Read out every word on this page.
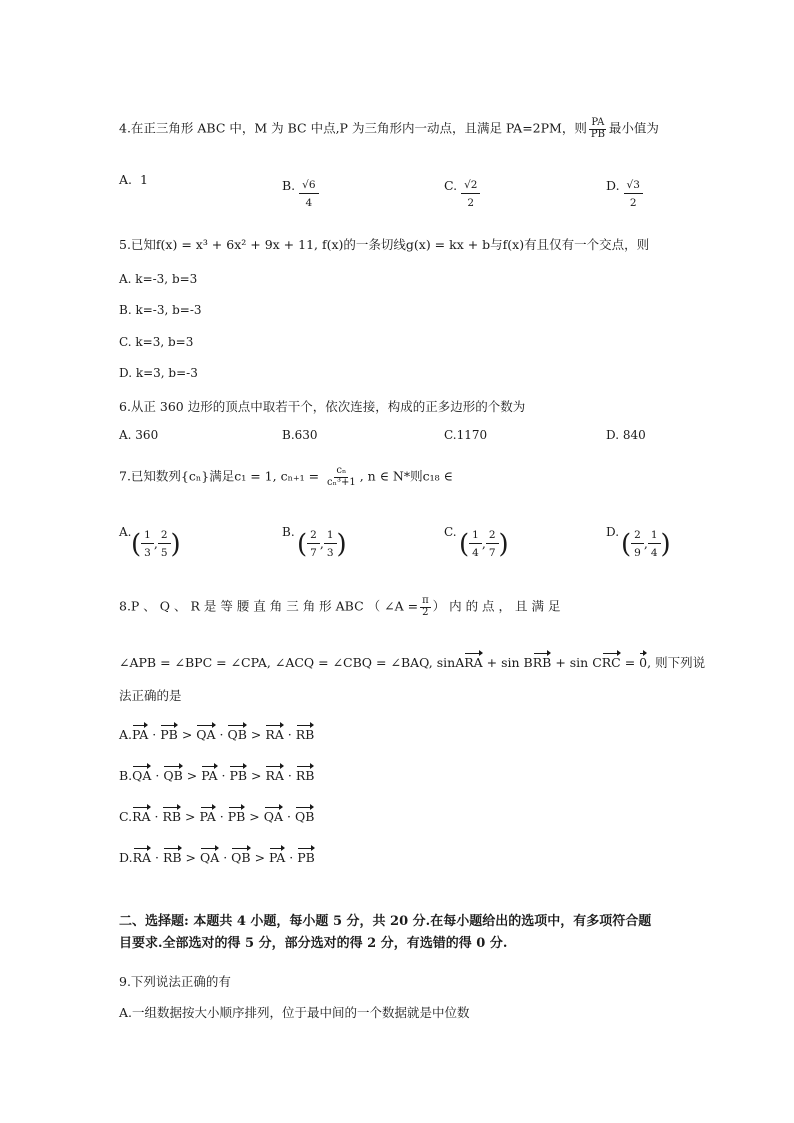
4.在正三角形 ABC 中，M 为 BC 中点,P 为三角形内一动点，且满足 PA=2PM，则 $\frac{PA}{PB}$ 最小值为
A. 1	B. $\frac{√6}{4}$	C. $\frac{√2}{2}$	D. $\frac{√3}{2}$
5.已知f(x) = x³ + 6x² + 9x + 11, f(x)的一条切线g(x) = kx + b与f(x)有且仅有一个交点，则
A. k=-3, b=3
B. k=-3, b=-3
C. k=3, b=3
D. k=3, b=-3
6.从正 360 边形的顶点中取若干个，依次连接，构成的正多边形的个数为
A. 360	B.630	C.1170	D. 840
7.已知数列{cₙ}满足c₁ = 1, $c_{n+1} = \frac{\text{cₙ}}{\text{cₙ³+1}}$ , n ∈ N*则c₁₈ ∈
A. ( $\frac{1}{3}$ , $\frac{2}{5}$ )	B. ( $\frac{2}{7}$ , $\frac{1}{3}$ )	C. ( $\frac{1}{4}$ , $\frac{2}{7}$ )	D. ( $\frac{2}{9}$ , $\frac{1}{4}$ )
8.P 、 Q 、 R 是 等 腰 直 角 三 角 形 ABC （ ∠A = $\frac{\pi}{2}$ ） 内 的 点 ， 且 满 足
∠APB = ∠BPC = ∠CPA, ∠ACQ = ∠CBQ = ∠BAQ, sinARA + sin BRB + sin CRC = 0, 则下列说
法正确的是
A.PA · PB > QA · QB > RA · RB
B.QA · QB > PA · PB > RA · RB
C.RA · RB > PA · PB > QA · QB
D.RA · RB > QA · QB > PA · PB
二、选择题: 本题共 4 小题，每小题 5 分，共 20 分.在每小题给出的选项中，有多项符合题
目要求.全部选对的得 5 分，部分选对的得 2 分，有选错的得 0 分.
9.下列说法正确的有
A.一组数据按大小顺序排列，位于最中间的一个数据就是中位数
